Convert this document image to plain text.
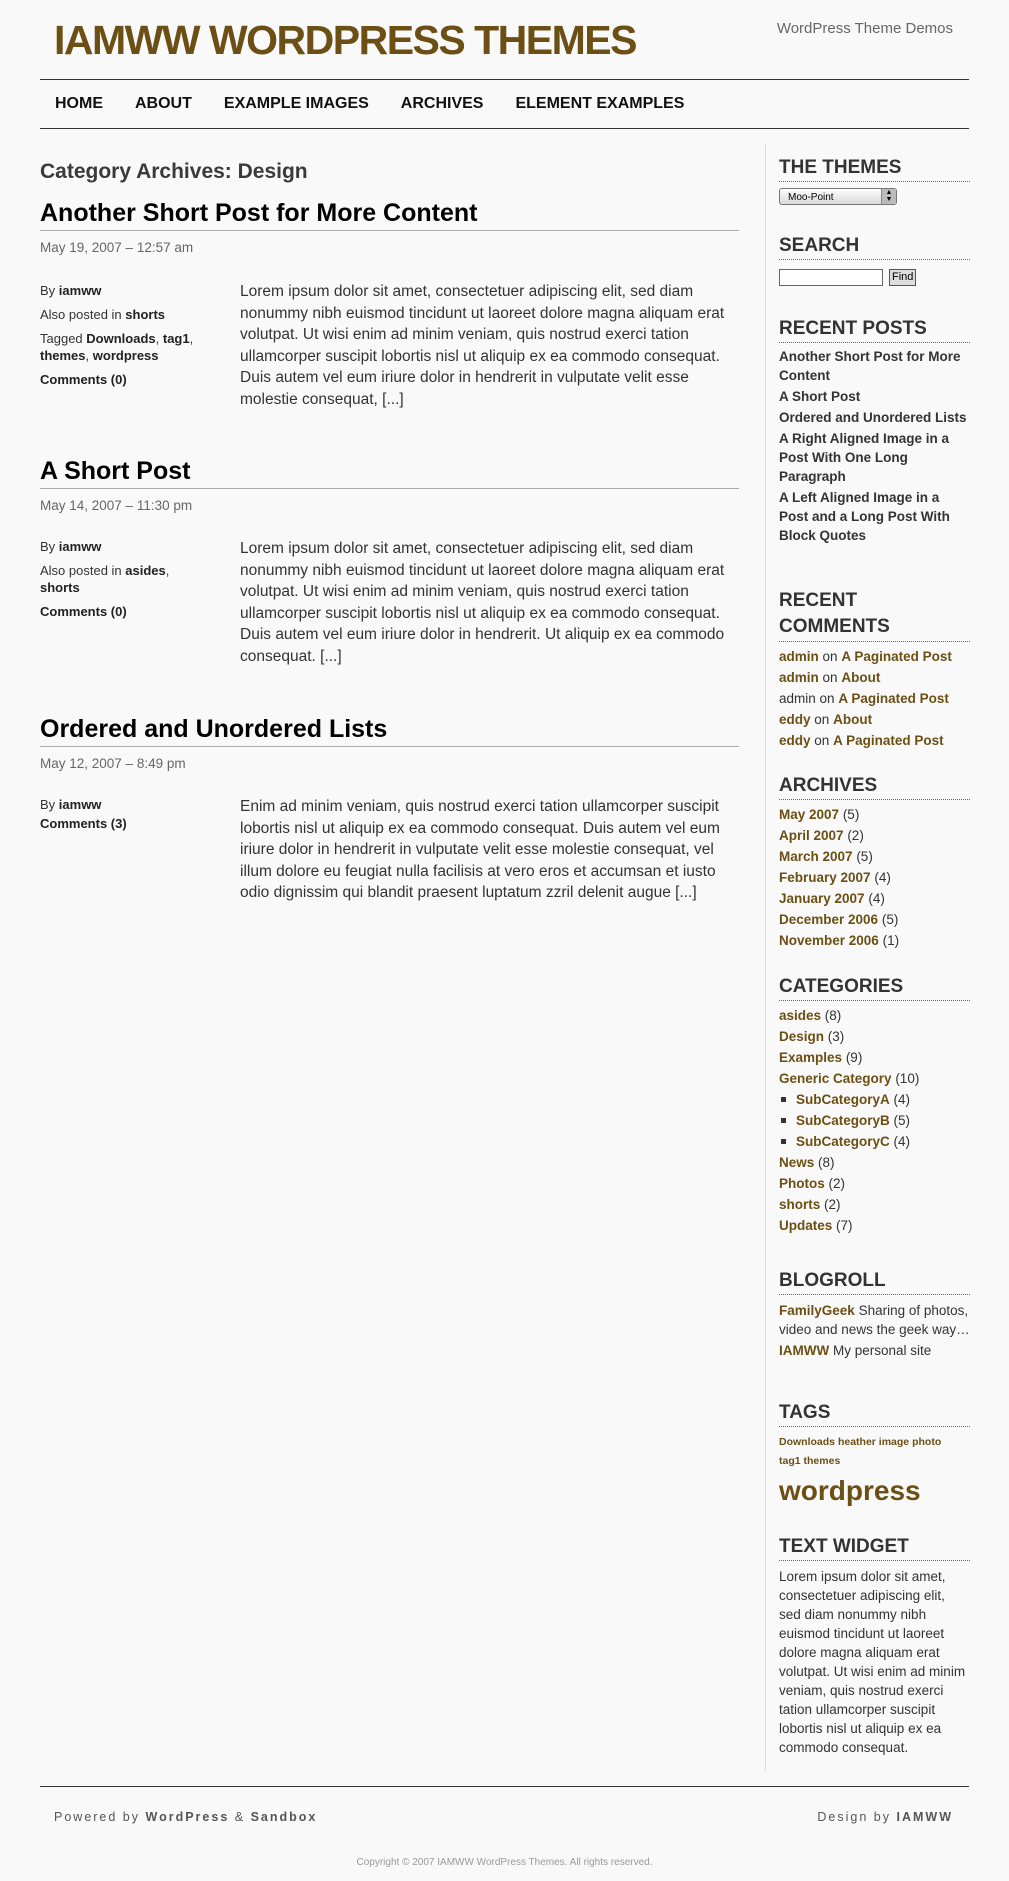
IAMWW WORDPRESS THEMES	WordPress Theme Demos
HOME	ABOUT	EXAMPLE IMAGES	ARCHIVES	ELEMENT EXAMPLES
Category Archives: Design
Another Short Post for More Content
May 19, 2007 – 12:57 am
By iamww
Also posted in shorts
Tagged Downloads, tag1,
themes, wordpress
Comments (0)
Lorem ipsum dolor sit amet, consectetuer adipiscing elit, sed diam nonummy nibh euismod tincidunt ut laoreet dolore magna aliquam erat volutpat. Ut wisi enim ad minim veniam, quis nostrud exerci tation ullamcorper suscipit lobortis nisl ut aliquip ex ea commodo consequat. Duis autem vel eum iriure dolor in hendrerit in vulputate velit esse molestie consequat, [...]
A Short Post
May 14, 2007 – 11:30 pm
By iamww
Also posted in asides,
shorts
Comments (0)
Lorem ipsum dolor sit amet, consectetuer adipiscing elit, sed diam nonummy nibh euismod tincidunt ut laoreet dolore magna aliquam erat volutpat. Ut wisi enim ad minim veniam, quis nostrud exerci tation ullamcorper suscipit lobortis nisl ut aliquip ex ea commodo consequat. Duis autem vel eum iriure dolor in hendrerit. Ut aliquip ex ea commodo consequat. [...]
Ordered and Unordered Lists
May 12, 2007 – 8:49 pm
By iamww
Comments (3)
Enim ad minim veniam, quis nostrud exerci tation ullamcorper suscipit lobortis nisl ut aliquip ex ea commodo consequat. Duis autem vel eum iriure dolor in hendrerit in vulputate velit esse molestie consequat, vel illum dolore eu feugiat nulla facilisis at vero eros et accumsan et iusto odio dignissim qui blandit praesent luptatum zzril delenit augue [...]
THE THEMES
Moo-Point	▲
▼
SEARCH
Find
RECENT POSTS
Another Short Post for More Content
A Short Post
Ordered and Unordered Lists
A Right Aligned Image in a Post With One Long Paragraph
A Left Aligned Image in a Post and a Long Post With Block Quotes
RECENT COMMENTS
admin on A Paginated Post
admin on About
admin on A Paginated Post
eddy on About
eddy on A Paginated Post
ARCHIVES
May 2007 (5)
April 2007 (2)
March 2007 (5)
February 2007 (4)
January 2007 (4)
December 2006 (5)
November 2006 (1)
CATEGORIES
asides (8)
Design (3)
Examples (9)
Generic Category (10)
SubCategoryA (4)
SubCategoryB (5)
SubCategoryC (4)
News (8)
Photos (2)
shorts (2)
Updates (7)
BLOGROLL

FamilyGeek Sharing of photos, video and news the geek way…

IAMWW My personal site

TAGS
Downloads heather image photo
tag1 themes
wordpress
TEXT WIDGET

Lorem ipsum dolor sit amet, consectetuer adipiscing elit, sed diam nonummy nibh euismod tincidunt ut laoreet dolore magna aliquam erat volutpat. Ut wisi enim ad minim veniam, quis nostrud exerci tation ullamcorper suscipit lobortis nisl ut aliquip ex ea commodo consequat.

Powered by WordPress & Sandbox	Design by IAMWW
Copyright © 2007 IAMWW WordPress Themes. All rights reserved.
